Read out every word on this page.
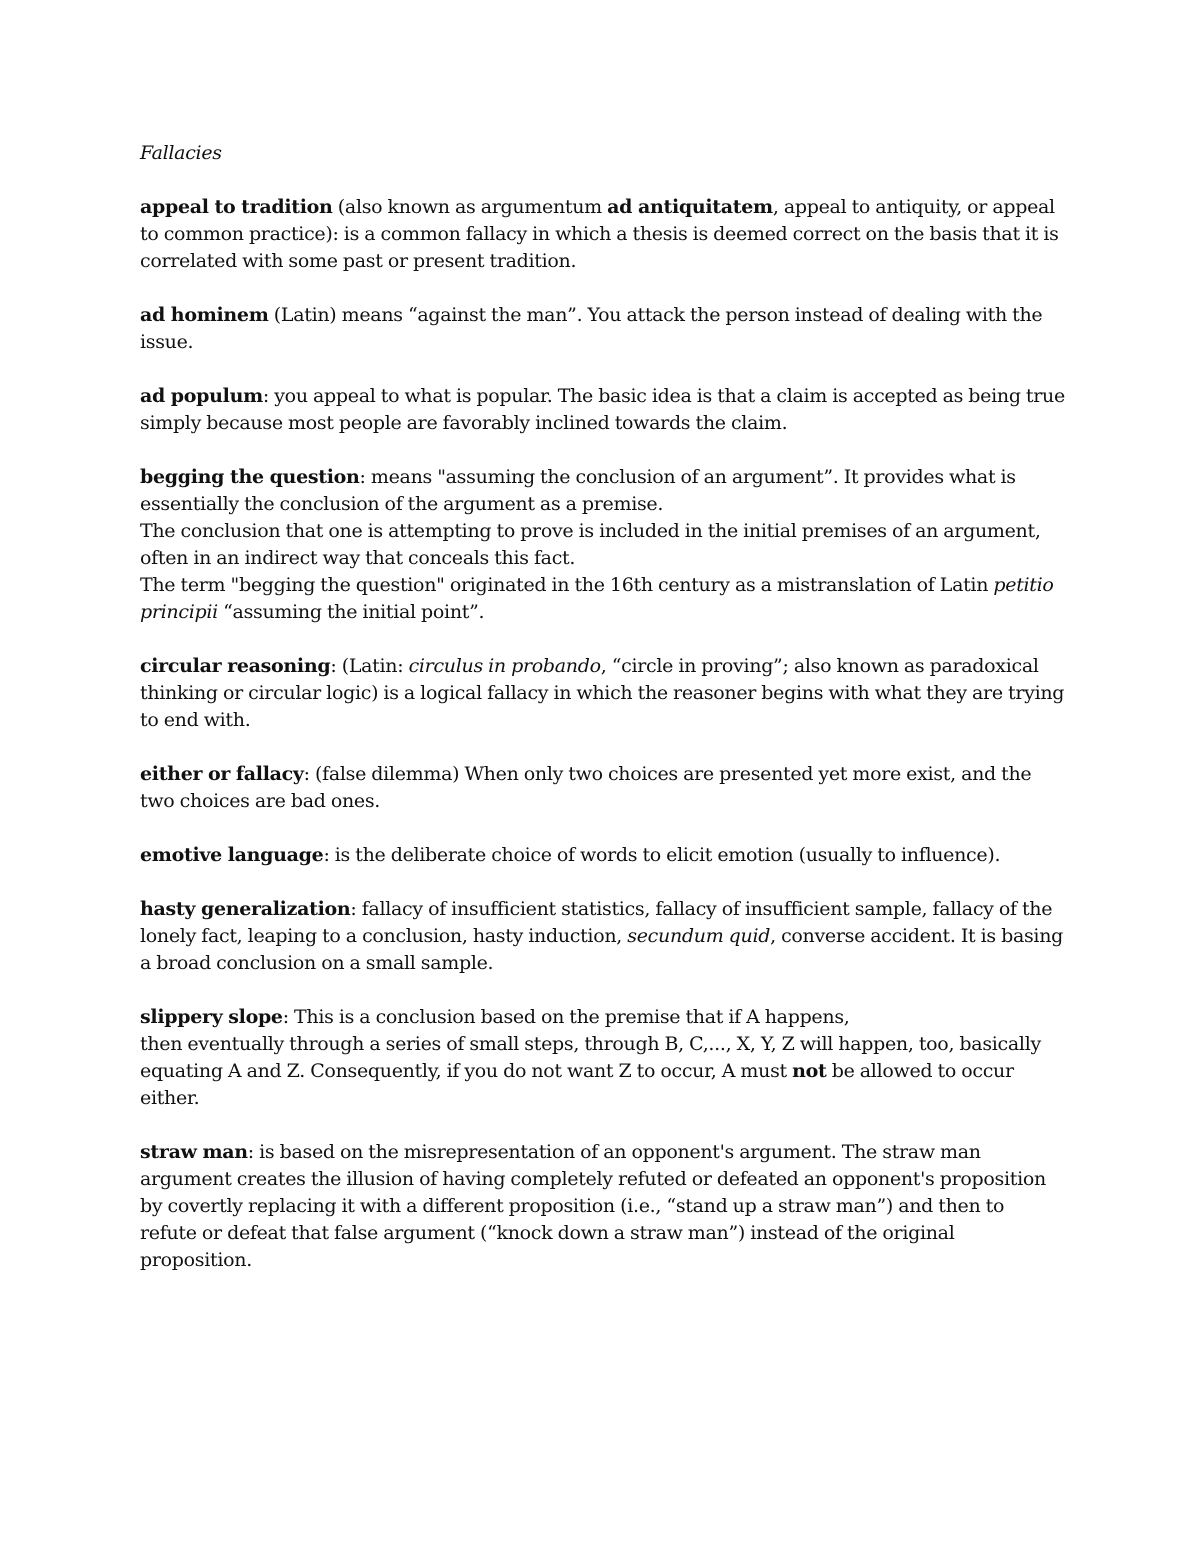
Fallacies

appeal to tradition (also known as argumentum ad antiquitatem, appeal to antiquity, or appeal to common practice): is a common fallacy in which a thesis is deemed correct on the basis that it is correlated with some past or present tradition.

ad hominem (Latin) means “against the man”. You attack the person instead of dealing with the issue.

ad populum: you appeal to what is popular. The basic idea is that a claim is accepted as being true simply because most people are favorably inclined towards the claim.

begging the question: means "assuming the conclusion of an argument”. It provides what is essentially the conclusion of the argument as a premise.

The conclusion that one is attempting to prove is included in the initial premises of an argument, often in an indirect way that conceals this fact.

The term "begging the question" originated in the 16th century as a mistranslation of Latin petitio principii “assuming the initial point”.

circular reasoning: (Latin: circulus in probando, “circle in proving”; also known as paradoxical thinking or circular logic) is a logical fallacy in which the reasoner begins with what they are trying to end with.

either or fallacy: (false dilemma) When only two choices are presented yet more exist, and the two choices are bad ones.

emotive language: is the deliberate choice of words to elicit emotion (usually to influence).

hasty generalization: fallacy of insufficient statistics, fallacy of insufficient sample, fallacy of the lonely fact, leaping to a conclusion, hasty induction, secundum quid, converse accident. It is basing a broad conclusion on a small sample.

slippery slope: This is a conclusion based on the premise that if A happens,

then eventually through a series of small steps, through B, C,..., X, Y, Z will happen, too, basically equating A and Z. Consequently, if you do not want Z to occur, A must not be allowed to occur either.

straw man: is based on the misrepresentation of an opponent's argument. The straw man argument creates the illusion of having completely refuted or defeated an opponent's proposition by covertly replacing it with a different proposition (i.e., “stand up a straw man”) and then to refute or defeat that false argument (“knock down a straw man”) instead of the original proposition.
